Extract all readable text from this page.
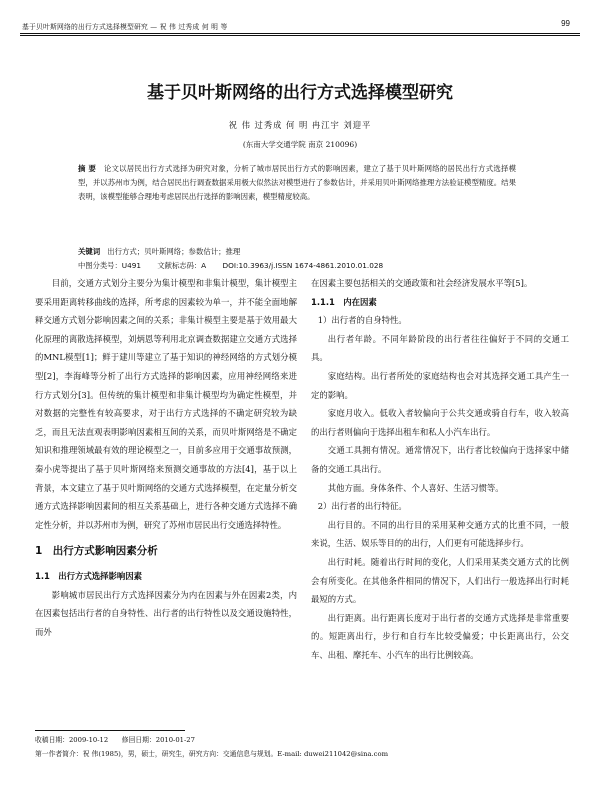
基于贝叶斯网络的出行方式选择模型研究 — 祝 伟 过秀成 何 明 等	99
基于贝叶斯网络的出行方式选择模型研究
祝 伟 过秀成 何 明 冉江宇 刘迎平
(东南大学交通学院 南京 210096)
摘 要 论文以居民出行方式选择为研究对象，分析了城市居民出行方式的影响因素，建立了基于贝叶斯网络的居民出行方式选择模型，并以苏州市为例，结合居民出行调查数据采用极大似然法对模型进行了参数估计，并采用贝叶斯网络推理方法验证模型精度。结果表明，该模型能够合理地考虑居民出行选择的影响因素，模型精度较高。
关键词 出行方式；贝叶斯网络；参数估计；推理
中图分类号：U491 文献标志码：A DOI:10.3963/j.ISSN 1674-4861.2010.01.028

目前，交通方式划分主要分为集计模型和非集计模型，集计模型主要采用距离转移曲线的选择，所考虑的因素较为单一，并不能全面地解释交通方式划分影响因素之间的关系；非集计模型主要是基于效用最大化原理的离散选择模型，刘炳恩等利用北京调查数据建立交通方式选择的MNL模型[1]；鲜于建川等建立了基于知识的神经网络的方式划分模型[2]，李海峰等分析了出行方式选择的影响因素，应用神经网络来进行方式划分[3]。但传统的集计模型和非集计模型均为确定性模型，并对数据的完整性有较高要求，对于出行方式选择的不确定研究较为缺乏，而且无法直观表明影响因素相互间的关系，而贝叶斯网络是不确定知识和推理领域最有效的理论模型之一，目前多应用于交通事故预测，秦小虎等提出了基于贝叶斯网络来预测交通事故的方法[4]，基于以上背景，本文建立了基于贝叶斯网络的交通方式选择模型，在定量分析交通方式选择影响因素间的相互关系基础上，进行各种交通方式选择不确定性分析，并以苏州市为例，研究了苏州市居民出行交通选择特性。

1　出行方式影响因素分析

1.1　出行方式选择影响因素

影响城市居民出行方式选择因素分为内在因素与外在因素2类，内在因素包括出行者的自身特性、出行者的出行特性以及交通设施特性，而外

在因素主要包括相关的交通政策和社会经济发展水平等[5]。

1.1.1　内在因素

1）出行者的自身特性。

出行者年龄。不同年龄阶段的出行者往往偏好于不同的交通工具。

家庭结构。出行者所处的家庭结构也会对其选择交通工具产生一定的影响。

家庭月收入。低收入者较偏向于公共交通或骑自行车，收入较高的出行者则偏向于选择出租车和私人小汽车出行。

交通工具拥有情况。通常情况下，出行者比较偏向于选择家中储备的交通工具出行。

其他方面。身体条件、个人喜好、生活习惯等。

2）出行者的出行特征。

出行目的。不同的出行目的采用某种交通方式的比重不同，一般来说，生活、娱乐等目的的出行，人们更有可能选择步行。

出行时耗。随着出行时间的变化，人们采用某类交通方式的比例会有所变化。在其他条件相同的情况下，人们出行一般选择出行时耗最短的方式。

出行距离。出行距离长度对于出行者的交通方式选择是非常重要的。短距离出行，步行和自行车比较受偏爱；中长距离出行，公交车、出租、摩托车、小汽车的出行比例较高。

收稿日期：2009-10-12　　修回日期：2010-01-27
第一作者简介：祝 伟(1985)，男，硕士，研究生，研究方向：交通信息与规划。E-mail: duwei211042@sina.com
